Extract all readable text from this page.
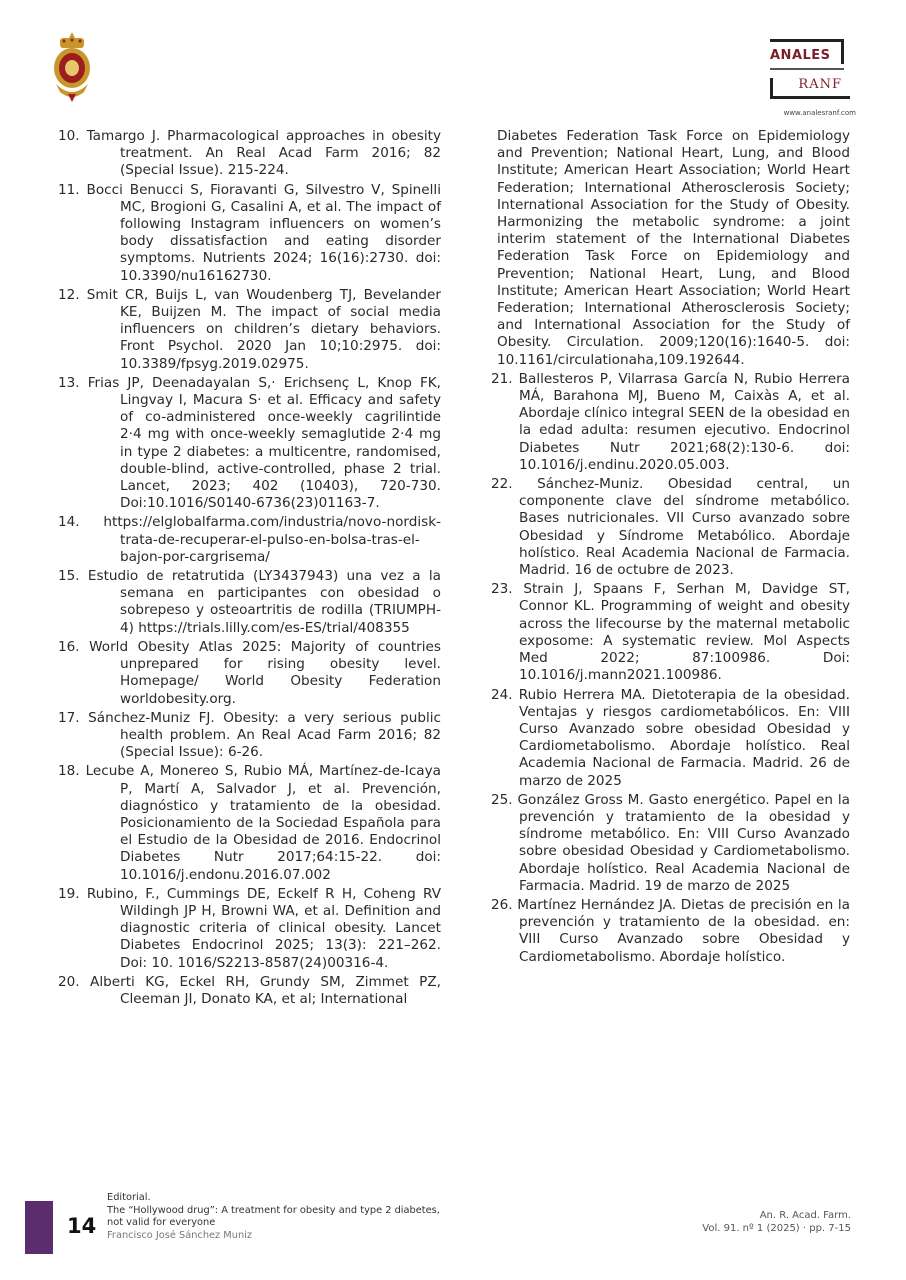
ANALES
RANF
www.analesranf.com

10. Tamargo J. Pharmacological approaches in obesity treatment. An Real Acad Farm 2016; 82 (Special Issue). 215-224.

11. Bocci Benucci S, Fioravanti G, Silvestro V, Spinelli MC, Brogioni G, Casalini A, et al. The impact of following Instagram influencers on women’s body dissatisfaction and eating disorder symptoms. Nutrients 2024; 16(16):2730. doi: 10.3390/nu16162730.

12. Smit CR, Buijs L, van Woudenberg TJ, Bevelander KE, Buijzen M. The impact of social media influencers on children’s dietary behaviors. Front Psychol. 2020 Jan 10;10:2975. doi: 10.3389/fpsyg.2019.02975.

13. Frias JP, Deenadayalan S,· Erichsenç L, Knop FK, Lingvay I, Macura S· et al. Efficacy and safety of co-administered once-weekly cagrilintide 2·4 mg with once-weekly semaglutide 2·4 mg in type 2 diabetes: a multicentre, randomised, double-blind, active-controlled, phase 2 trial. Lancet, 2023; 402 (10403), 720-730. Doi:10.1016/S0140-6736(23)01163-7.

14. https://elglobalfarma.com/industria/novo-nordisk-trata-de-recuperar-el-pulso-en-bolsa-tras-el-bajon-por-cargrisema/

15. Estudio de retatrutida (LY3437943) una vez a la semana en participantes con obesidad o sobrepeso y osteoartritis de rodilla (TRIUMPH-4) https://trials.lilly.com/es-ES/trial/408355

16. World Obesity Atlas 2025: Majority of countries unprepared for rising obesity level. Homepage/ World Obesity Federation worldobesity.org.

17. Sánchez-Muniz FJ. Obesity: a very serious public health problem. An Real Acad Farm 2016; 82 (Special Issue): 6-26.

18. Lecube A, Monereo S, Rubio MÁ, Martínez-de-Icaya P, Martí A, Salvador J, et al. Prevención, diagnóstico y tratamiento de la obesidad. Posicionamiento de la Sociedad Española para el Estudio de la Obesidad de 2016. Endocrinol Diabetes Nutr 2017;64:15-22. doi: 10.1016/j.endonu.2016.07.002

19. Rubino, F., Cummings DE, Eckelf R H, Coheng RV Wildingh JP H, Browni WA, et al. Definition and diagnostic criteria of clinical obesity. Lancet Diabetes Endocrinol 2025; 13(3): 221–262. Doi: 10. 1016/S2213-8587(24)00316-4.

20. Alberti KG, Eckel RH, Grundy SM, Zimmet PZ, Cleeman JI, Donato KA, et al; International

Diabetes Federation Task Force on Epidemiology and Prevention; National Heart, Lung, and Blood Institute; American Heart Association; World Heart Federation; International Atherosclerosis Society; International Association for the Study of Obesity. Harmonizing the metabolic syndrome: a joint interim statement of the International Diabetes Federation Task Force on Epidemiology and Prevention; National Heart, Lung, and Blood Institute; American Heart Association; World Heart Federation; International Atherosclerosis Society; and International Association for the Study of Obesity. Circulation. 2009;120(16):1640-5. doi: 10.1161/circulationaha,109.192644.

21. Ballesteros P, Vilarrasa García N, Rubio Herrera MÁ, Barahona MJ, Bueno M, Caixàs A, et al. Abordaje clínico integral SEEN de la obesidad en la edad adulta: resumen ejecutivo. Endocrinol Diabetes Nutr 2021;68(2):130-6. doi: 10.1016/j.endinu.2020.05.003.

22. Sánchez-Muniz. Obesidad central, un componente clave del síndrome metabólico. Bases nutricionales. VII Curso avanzado sobre Obesidad y Síndrome Metabólico. Abordaje holístico. Real Academia Nacional de Farmacia. Madrid. 16 de octubre de 2023.

23. Strain J, Spaans F, Serhan M, Davidge ST, Connor KL. Programming of weight and obesity across the lifecourse by the maternal metabolic exposome: A systematic review. Mol Aspects Med 2022; 87:100986. Doi: 10.1016/j.mann2021.100986.

24. Rubio Herrera MA. Dietoterapia de la obesidad. Ventajas y riesgos cardiometabólicos. En: VIII Curso Avanzado sobre obesidad Obesidad y Cardiometabolismo. Abordaje holístico. Real Academia Nacional de Farmacia. Madrid. 26 de marzo de 2025

25. González Gross M. Gasto energético. Papel en la prevención y tratamiento de la obesidad y síndrome metabólico. En: VIII Curso Avanzado sobre obesidad Obesidad y Cardiometabolismo. Abordaje holístico. Real Academia Nacional de Farmacia. Madrid. 19 de marzo de 2025

26. Martínez Hernández JA. Dietas de precisión en la prevención y tratamiento de la obesidad. en: VIII Curso Avanzado sobre Obesidad y Cardiometabolismo. Abordaje holístico.

14
Editorial.
The “Hollywood drug”: A treatment for obesity and type 2 diabetes, not valid for everyone
Francisco José Sánchez Muniz
An. R. Acad. Farm.
Vol. 91. nº 1 (2025) · pp. 7-15
